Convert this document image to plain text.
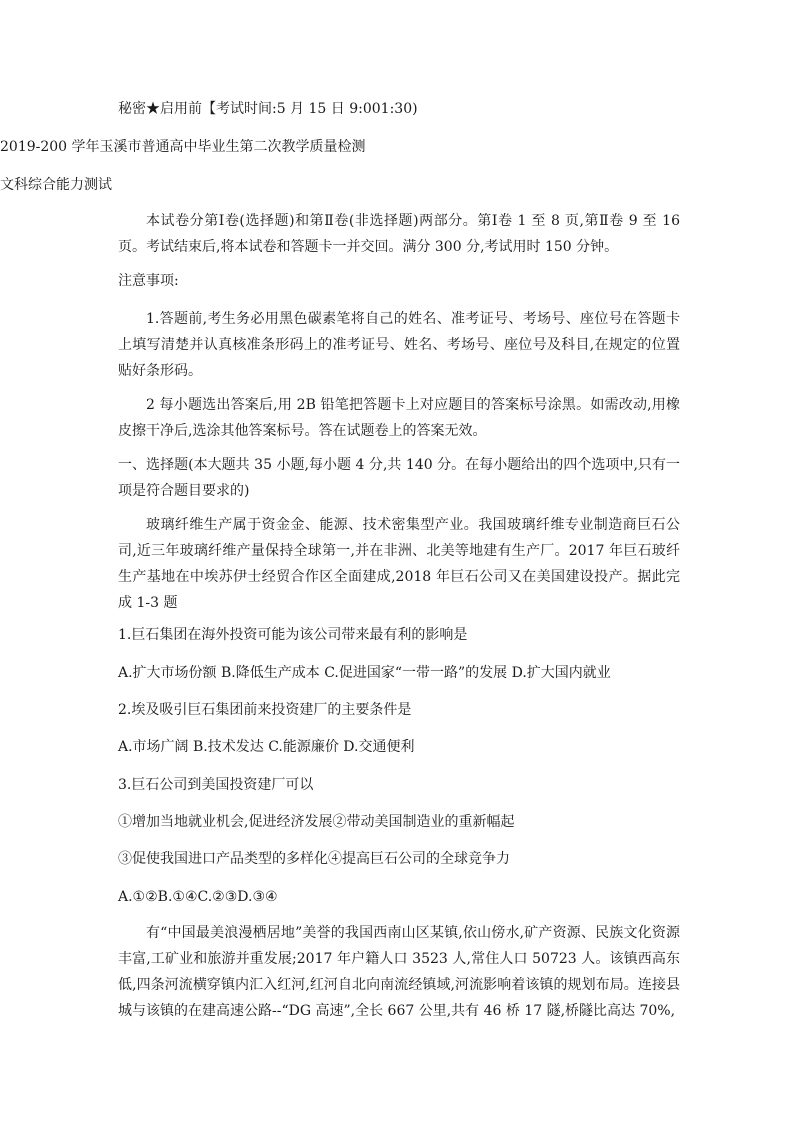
秘密★启用前【考试时间:5 月 15 日 9:001:30)
2019-200 学年玉溪市普通高中毕业生第二次教学质量检测
文科综合能力测试
本试卷分第Ⅰ卷(选择题)和第Ⅱ卷(非选择题)两部分。第Ⅰ卷 1 至 8 页,第Ⅱ卷 9 至 16 页。考试结束后,将本试卷和答题卡一并交回。满分 300 分,考试用时 150 分钟。
注意事项:
1.答题前,考生务必用黑色碳素笔将自己的姓名、准考证号、考场号、座位号在答题卡上填写清楚并认真核准条形码上的准考证号、姓名、考场号、座位号及科目,在规定的位置贴好条形码。
2 每小题选出答案后,用 2B 铅笔把答题卡上对应题目的答案标号涂黑。如需改动,用橡皮擦干净后,选涂其他答案标号。答在试题卷上的答案无效。
一、选择题(本大题共 35 小题,每小题 4 分,共 140 分。在每小题给出的四个选项中,只有一项是符合题目要求的)
玻璃纤维生产属于资金金、能源、技术密集型产业。我国玻璃纤维专业制造商巨石公司,近三年玻璃纤维产量保持全球第一,并在非洲、北美等地建有生产厂。2017 年巨石玻纤生产基地在中埃苏伊士经贸合作区全面建成,2018 年巨石公司又在美国建设投产。据此完成 1-3 题
1.巨石集团在海外投资可能为该公司带来最有利的影响是
A.扩大市场份额 B.降低生产成本 C.促进国家“一带一路”的发展 D.扩大国内就业
2.埃及吸引巨石集团前来投资建厂的主要条件是
A.市场广阔 B.技术发达 C.能源廉价 D.交通便利
3.巨石公司到美国投资建厂可以
①增加当地就业机会,促进经济发展②带动美国制造业的重新幅起
③促使我国进口产品类型的多样化④提高巨石公司的全球竞争力
A.①②B.①④C.②③D.③④
有“中国最美浪漫栖居地”美誉的我国西南山区某镇,依山傍水,矿产资源、民族文化资源丰富,工矿业和旅游并重发展;2017 年户籍人口 3523 人,常住人口 50723 人。该镇西高东低,四条河流横穿镇内汇入红河,红河自北向南流经镇域,河流影响着该镇的规划布局。连接县城与该镇的在建高速公路--“DG 高速”,全长 667 公里,共有 46 桥 17 隧,桥隧比高达 70%,
